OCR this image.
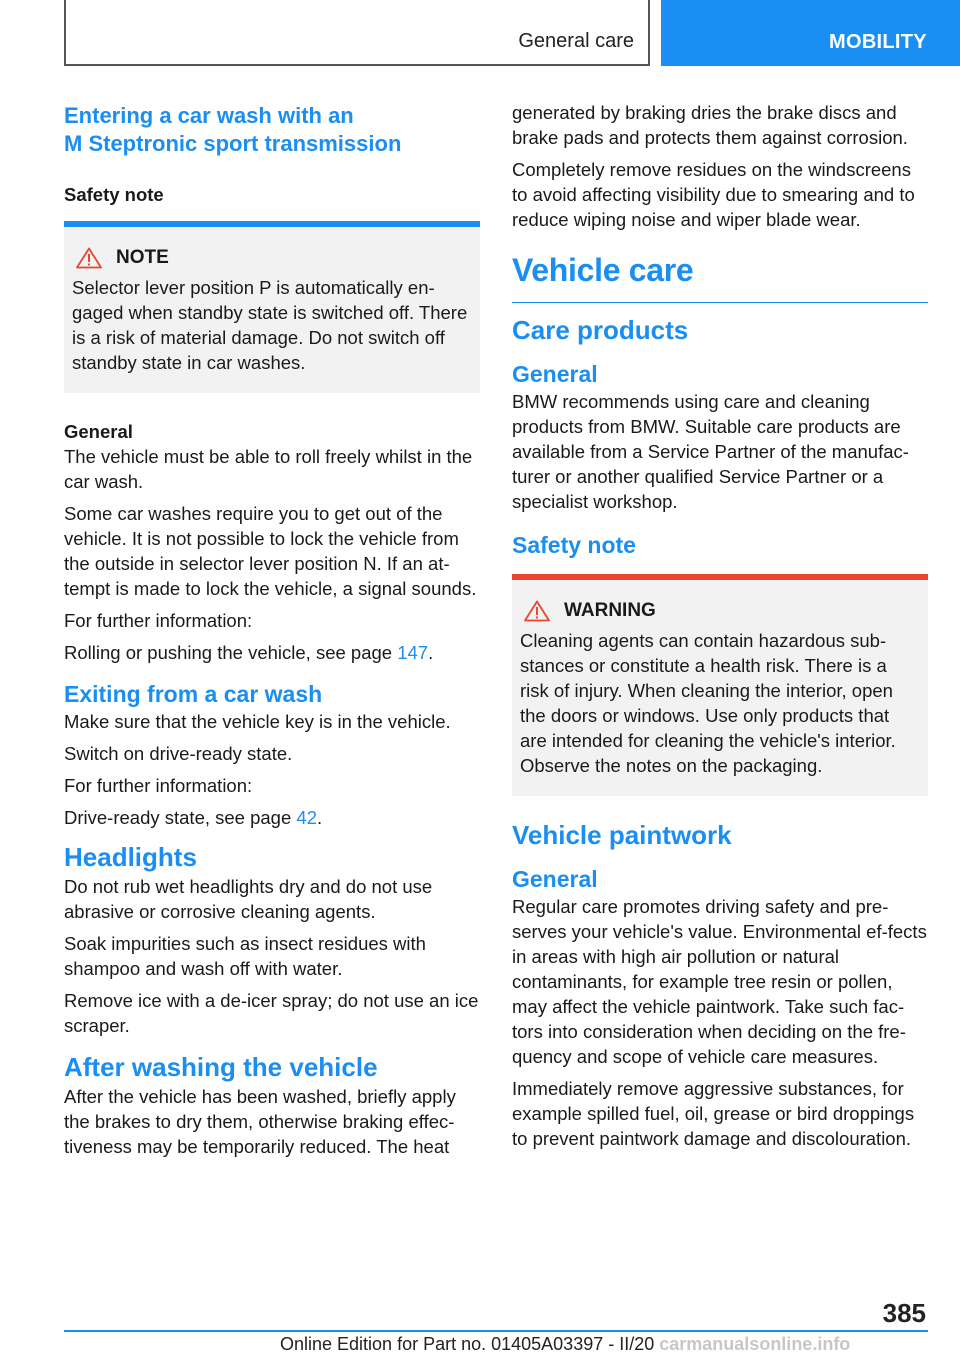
General care	MOBILITY
Entering a car wash with an
M Steptronic sport transmission
Safety note
NOTE

Selector lever position P is automatically en-gaged when standby state is switched off. There is a risk of material damage. Do not switch off standby state in car washes.

General

The vehicle must be able to roll freely whilst in the car wash.

Some car washes require you to get out of the vehicle. It is not possible to lock the vehicle from the outside in selector lever position N. If an at-tempt is made to lock the vehicle, a signal sounds.

For further information:

Rolling or pushing the vehicle, see page 147.

Exiting from a car wash

Make sure that the vehicle key is in the vehicle.

Switch on drive-ready state.

For further information:

Drive-ready state, see page 42.

Headlights

Do not rub wet headlights dry and do not use abrasive or corrosive cleaning agents.

Soak impurities such as insect residues with shampoo and wash off with water.

Remove ice with a de-icer spray; do not use an ice scraper.

After washing the vehicle

After the vehicle has been washed, briefly apply the brakes to dry them, otherwise braking effec-tiveness may be temporarily reduced. The heat

generated by braking dries the brake discs and brake pads and protects them against corrosion.

Completely remove residues on the windscreens to avoid affecting visibility due to smearing and to reduce wiping noise and wiper blade wear.

Vehicle care
Care products
General

BMW recommends using care and cleaning products from BMW. Suitable care products are available from a Service Partner of the manufac-turer or another qualified Service Partner or a specialist workshop.

Safety note
WARNING

Cleaning agents can contain hazardous sub-stances or constitute a health risk. There is a risk of injury. When cleaning the interior, open the doors or windows. Use only products that are intended for cleaning the vehicle's interior. Observe the notes on the packaging.

Vehicle paintwork
General

Regular care promotes driving safety and pre-serves your vehicle's value. Environmental ef-fects in areas with high air pollution or natural contaminants, for example tree resin or pollen, may affect the vehicle paintwork. Take such fac-tors into consideration when deciding on the fre-quency and scope of vehicle care measures.

Immediately remove aggressive substances, for example spilled fuel, oil, grease or bird droppings to prevent paintwork damage and discolouration.

385
Online Edition for Part no. 01405A03397 - II/20 carmanualsonline.info
